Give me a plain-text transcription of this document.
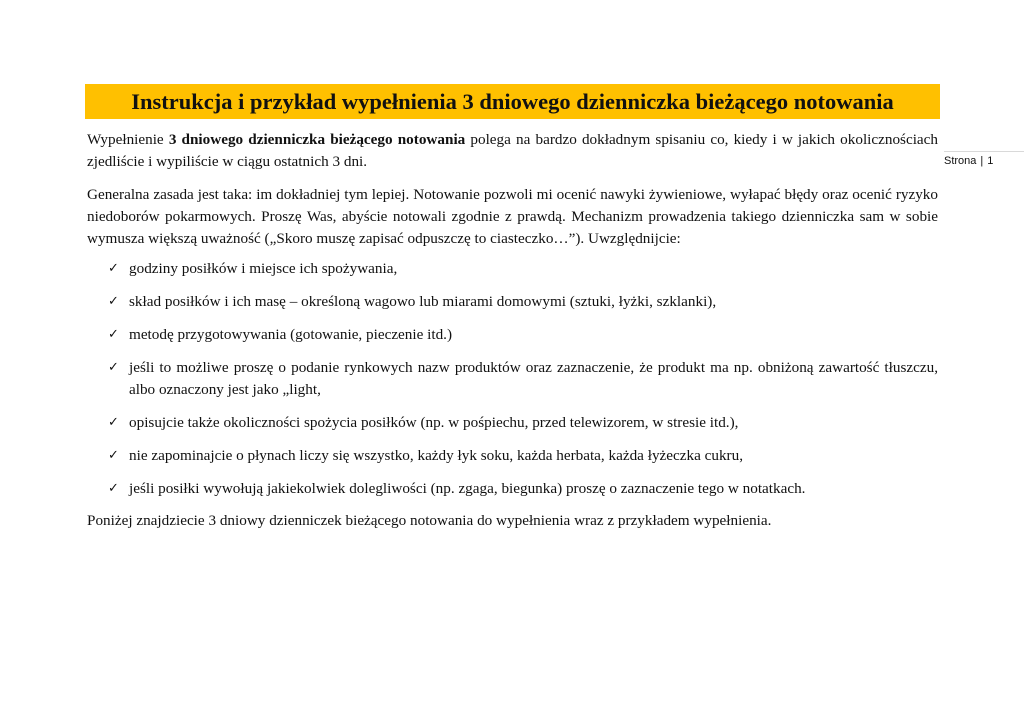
Instrukcja i przykład wypełnienia 3 dniowego dzienniczka bieżącego notowania
Strona | 1

Wypełnienie 3 dniowego dzienniczka bieżącego notowania polega na bardzo dokładnym spisaniu co, kiedy i w jakich okolicznościach zjedliście i wypiliście w ciągu ostatnich 3 dni.

Generalna zasada jest taka: im dokładniej tym lepiej. Notowanie pozwoli mi ocenić nawyki żywieniowe, wyłapać błędy oraz ocenić ryzyko niedoborów pokarmowych. Proszę Was, abyście notowali zgodnie z prawdą. Mechanizm prowadzenia takiego dzienniczka sam w sobie wymusza większą uważność („Skoro muszę zapisać odpuszczę to ciasteczko…”). Uwzględnijcie:

✓ godziny posiłków i miejsce ich spożywania,
✓ skład posiłków i ich masę – określoną wagowo lub miarami domowymi (sztuki, łyżki, szklanki),
✓ metodę przygotowywania (gotowanie, pieczenie itd.)
✓ jeśli to możliwe proszę o podanie rynkowych nazw produktów oraz zaznaczenie, że produkt ma np. obniżoną zawartość tłuszczu, albo oznaczony jest jako „light,
✓ opisujcie także okoliczności spożycia posiłków (np. w pośpiechu, przed telewizorem, w stresie itd.),
✓ nie zapominajcie o płynach liczy się wszystko, każdy łyk soku, każda herbata, każda łyżeczka cukru,
✓ jeśli posiłki wywołują jakiekolwiek dolegliwości (np. zgaga, biegunka) proszę o zaznaczenie tego w notatkach.

Poniżej znajdziecie 3 dniowy dzienniczek bieżącego notowania do wypełnienia wraz z przykładem wypełnienia.
